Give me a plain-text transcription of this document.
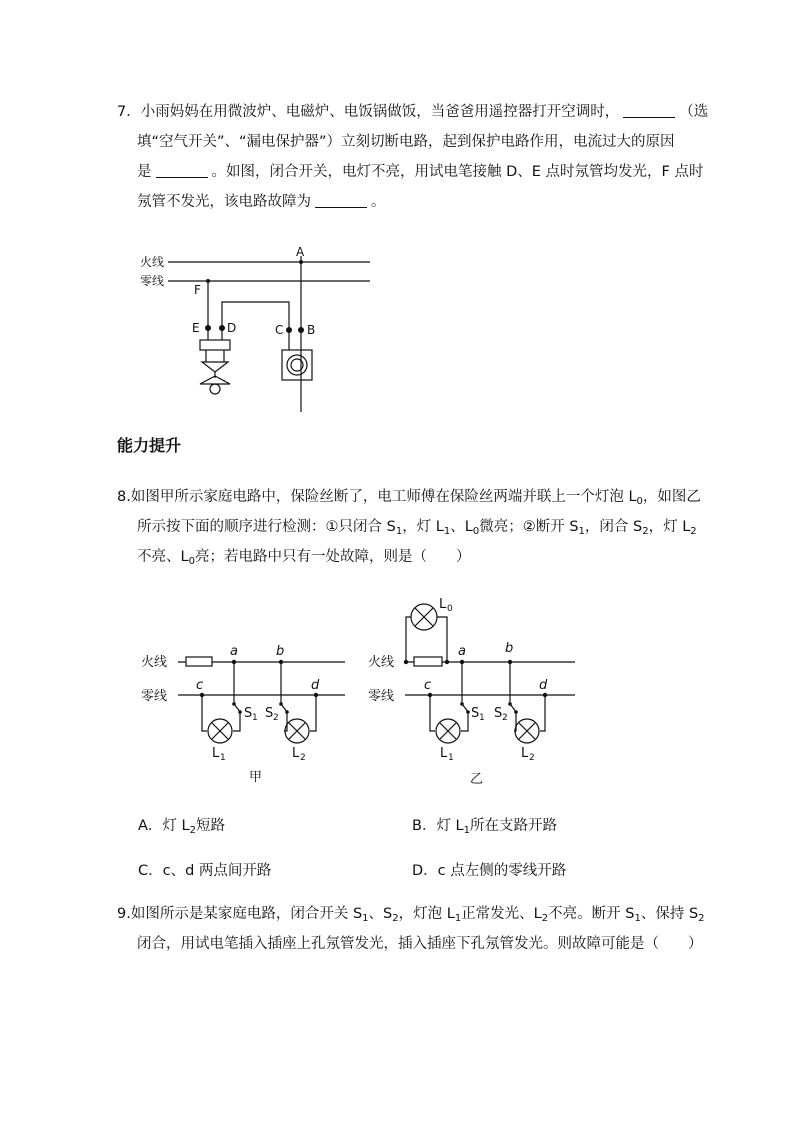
7．小雨妈妈在用微波炉、电磁炉、电饭锅做饭，当爸爸用遥控器打开空调时，	（选
填“空气开关”、“漏电保护器”）立刻切断电路，起到保护电路作用，电流过大的原因
是	。如图，闭合开关，电灯不亮，用试电笔接触 D、E 点时氖管均发光，F 点时
氖管不发光，该电路故障为	。
火线
零线
A
F
E D	C B
能力提升
8.如图甲所示家庭电路中，保险丝断了，电工师傅在保险丝两端并联上一个灯泡 $L_0$，如图乙
所示按下面的顺序进行检测：①只闭合 $S_1$，灯 $L_1$、$L_0$微亮；②断开 $S_1$，闭合 $S_2$，灯 $L_2$
不亮、$L_0$亮；若电路中只有一处故障，则是（　　）
火线
零线
a	b
c	d
S 1 S 2
L 1	L 2
甲
火线
零线
L 0
a	b
c	d
S 1 S 2
L 1	L 2
乙
A．灯 $L_2$短路	B．灯 $L_1$所在支路开路
C．c、d 两点间开路	D．c 点左侧的零线开路
9.如图所示是某家庭电路，闭合开关 $S_1$、$S_2$，灯泡 $L_1$正常发光、$L_2$不亮。断开 $S_1$、保持 $S_2$
闭合，用试电笔插入插座上孔氖管发光，插入插座下孔氖管发光。则故障可能是（　　）
